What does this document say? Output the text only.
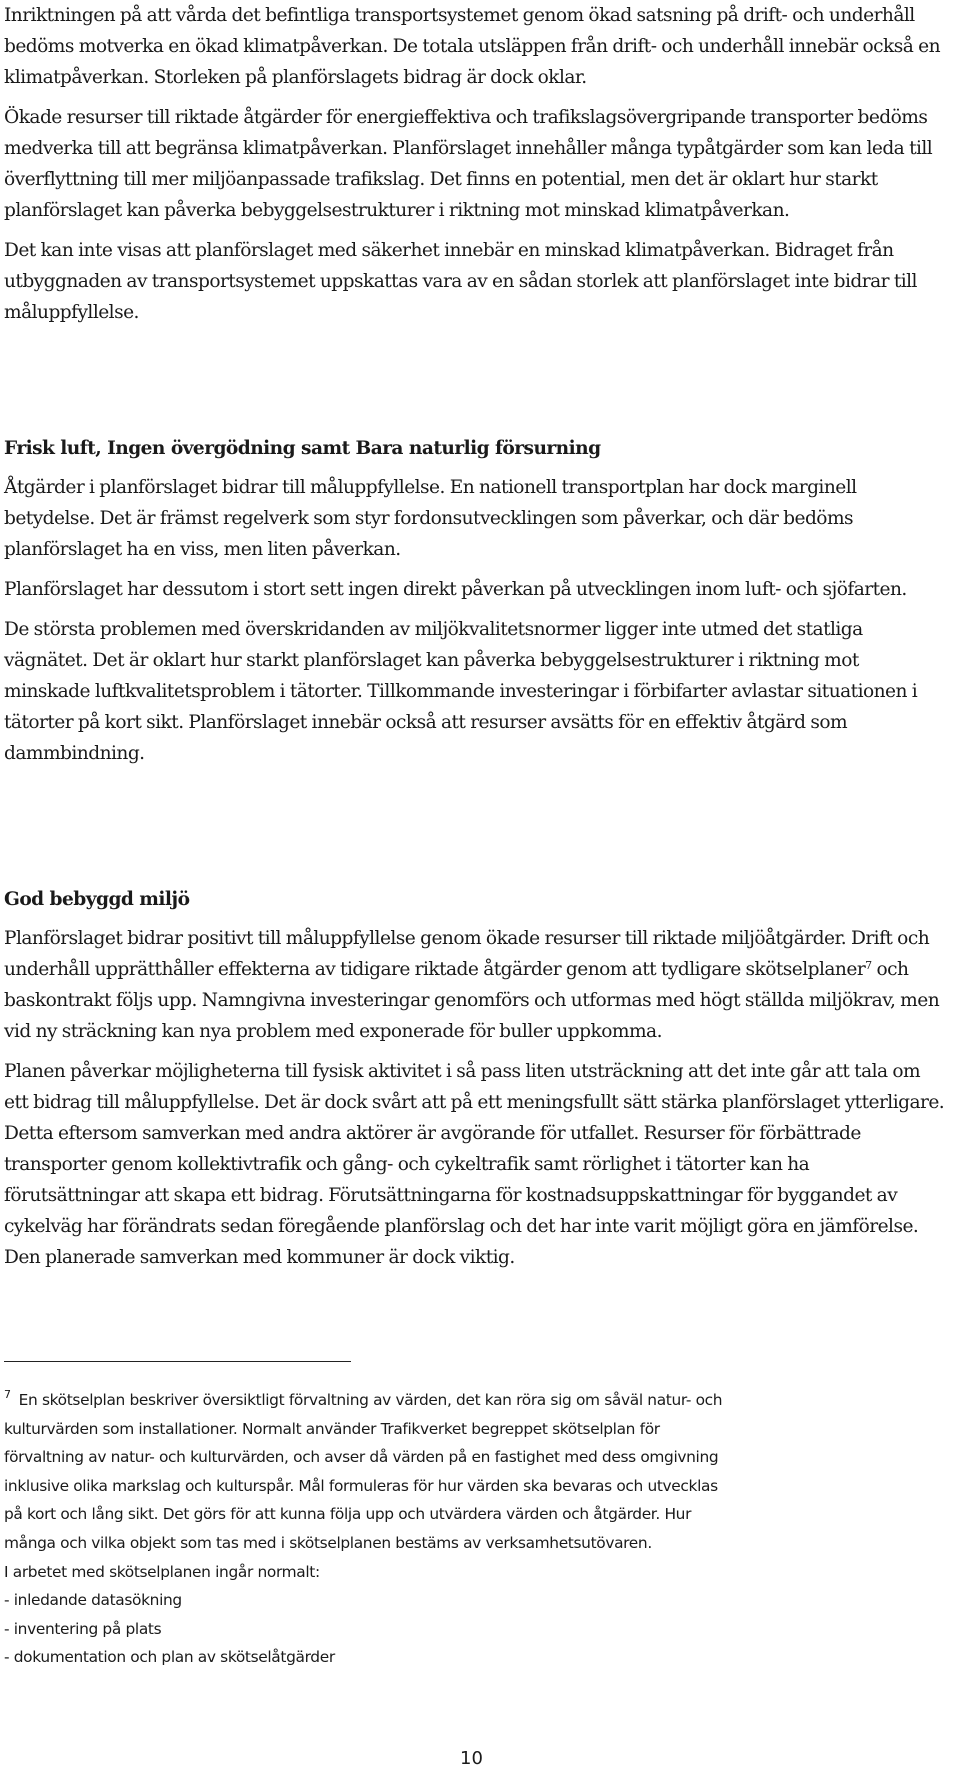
Inriktningen på att vårda det befintliga transportsystemet genom ökad satsning på drift- och underhåll bedöms motverka en ökad klimatpåverkan. De totala utsläppen från drift- och underhåll innebär också en klimatpåverkan. Storleken på planförslagets bidrag är dock oklar.

Ökade resurser till riktade åtgärder för energieffektiva och trafikslagsövergripande transporter bedöms medverka till att begränsa klimatpåverkan. Planförslaget innehåller många typåtgärder som kan leda till överflyttning till mer miljöanpassade trafikslag. Det finns en potential, men det är oklart hur starkt planförslaget kan påverka bebyggelsestrukturer i riktning mot minskad klimatpåverkan.

Det kan inte visas att planförslaget med säkerhet innebär en minskad klimatpåverkan. Bidraget från utbyggnaden av transportsystemet uppskattas vara av en sådan storlek att planförslaget inte bidrar till måluppfyllelse.

Frisk luft, Ingen övergödning samt Bara naturlig försurning

Åtgärder i planförslaget bidrar till måluppfyllelse. En nationell transportplan har dock marginell betydelse. Det är främst regelverk som styr fordonsutvecklingen som påverkar, och där bedöms planförslaget ha en viss, men liten påverkan.

Planförslaget har dessutom i stort sett ingen direkt påverkan på utvecklingen inom luft- och sjöfarten.

De största problemen med överskridanden av miljökvalitetsnormer ligger inte utmed det statliga vägnätet. Det är oklart hur starkt planförslaget kan påverka bebyggelsestrukturer i riktning mot minskade luftkvalitetsproblem i tätorter. Tillkommande investeringar i förbifarter avlastar situationen i tätorter på kort sikt. Planförslaget innebär också att resurser avsätts för en effektiv åtgärd som dammbindning.

God bebyggd miljö

Planförslaget bidrar positivt till måluppfyllelse genom ökade resurser till riktade miljöåtgärder. Drift och underhåll upprätthåller effekterna av tidigare riktade åtgärder genom att tydligare skötselplaner$^7$ och baskontrakt följs upp. Namngivna investeringar genomförs och utformas med högt ställda miljökrav, men vid ny sträckning kan nya problem med exponerade för buller uppkomma.

Planen påverkar möjligheterna till fysisk aktivitet i så pass liten utsträckning att det inte går att tala om ett bidrag till måluppfyllelse. Det är dock svårt att på ett meningsfullt sätt stärka planförslaget ytterligare. Detta eftersom samverkan med andra aktörer är avgörande för utfallet. Resurser för förbättrade transporter genom kollektivtrafik och gång- och cykeltrafik samt rörlighet i tätorter kan ha förutsättningar att skapa ett bidrag. Förutsättningarna för kostnadsuppskattningar för byggandet av cykelväg har förändrats sedan föregående planförslag och det har inte varit möjligt göra en jämförelse. Den planerade samverkan med kommuner är dock viktig.

$^7$ En skötselplan beskriver översiktligt förvaltning av värden, det kan röra sig om såväl natur- och
kulturvärden som installationer. Normalt använder Trafikverket begreppet skötselplan för
förvaltning av natur- och kulturvärden, och avser då värden på en fastighet med dess omgivning
inklusive olika markslag och kulturspår. Mål formuleras för hur värden ska bevaras och utvecklas
på kort och lång sikt. Det görs för att kunna följa upp och utvärdera värden och åtgärder. Hur
många och vilka objekt som tas med i skötselplanen bestäms av verksamhetsutövaren.
I arbetet med skötselplanen ingår normalt:
- inledande datasökning
- inventering på plats
- dokumentation och plan av skötselåtgärder
10
